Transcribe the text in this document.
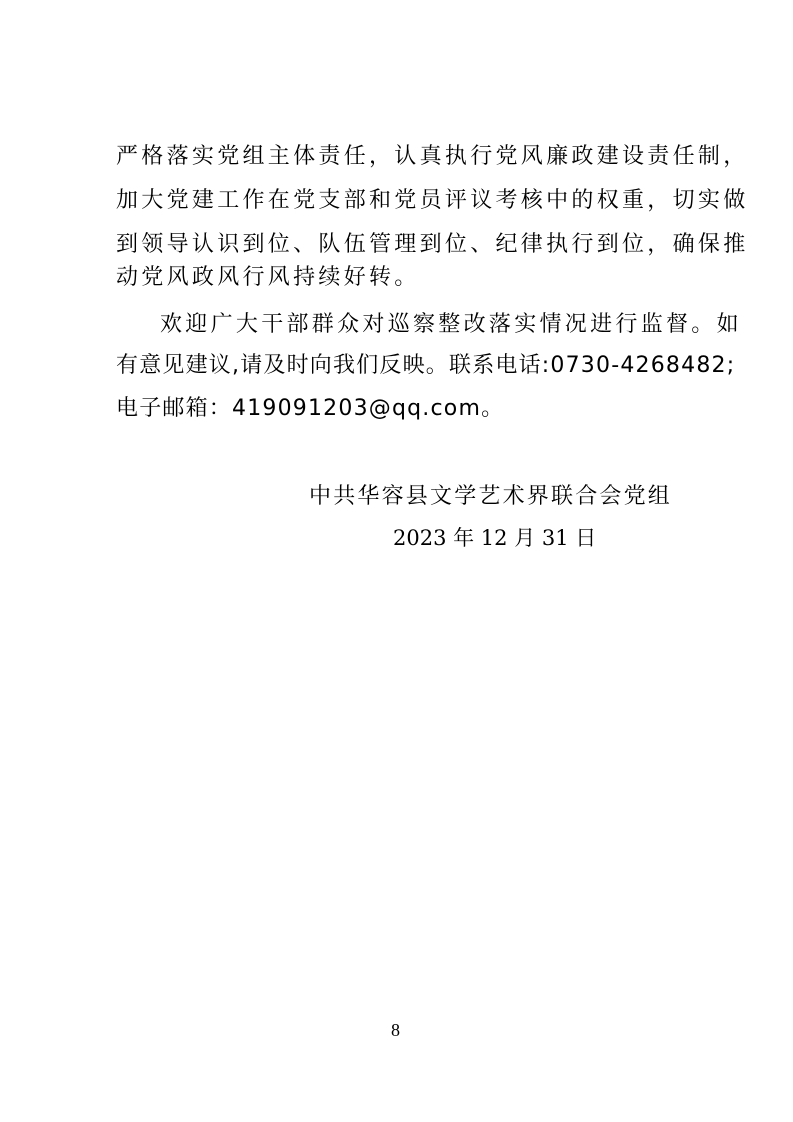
严格落实党组主体责任，认真执行党风廉政建设责任制，
加大党建工作在党支部和党员评议考核中的权重，切实做
到领导认识到位、队伍管理到位、纪律执行到位，确保推
动党风政风行风持续好转。
欢迎广大干部群众对巡察整改落实情况进行监督。如
有意见建议,请及时向我们反映。联系电话:0730-4268482;
电子邮箱：419091203@qq.com。
中共华容县文学艺术界联合会党组
2023 年 12 月 31 日
8
